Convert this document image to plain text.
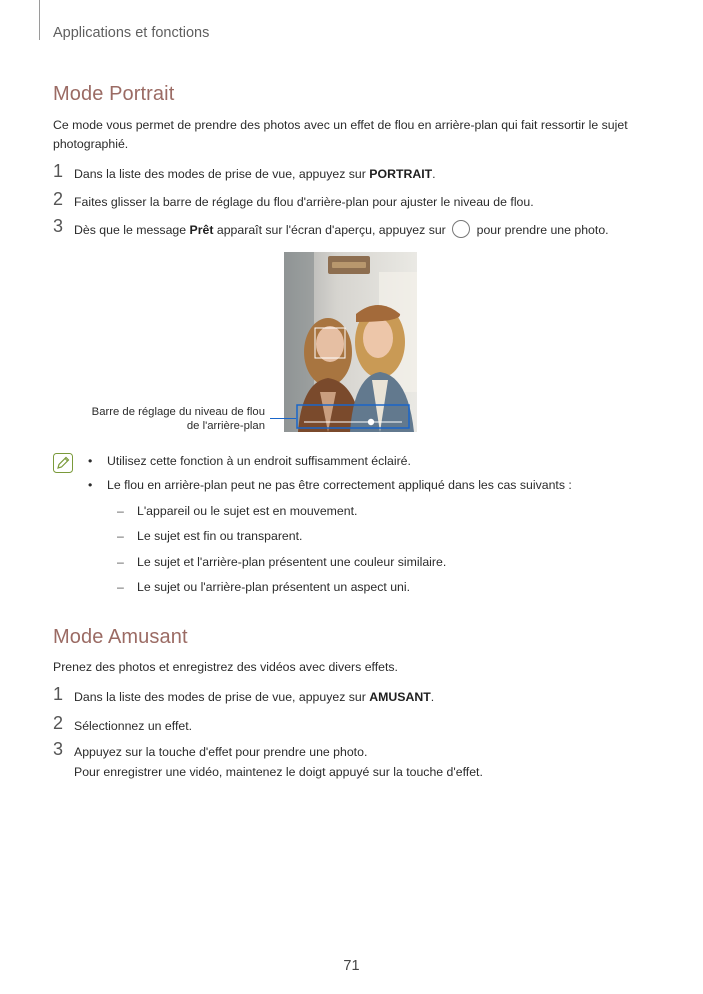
Applications et fonctions
Mode Portrait
Ce mode vous permet de prendre des photos avec un effet de flou en arrière-plan qui fait ressortir le sujet photographié.
1 Dans la liste des modes de prise de vue, appuyez sur PORTRAIT.
2 Faites glisser la barre de réglage du flou d'arrière-plan pour ajuster le niveau de flou.
3 Dès que le message Prêt apparaît sur l'écran d'aperçu, appuyez sur  pour prendre une photo.
Barre de réglage du niveau de flou
de l'arrière-plan
• Utilisez cette fonction à un endroit suffisamment éclairé.
• Le flou en arrière-plan peut ne pas être correctement appliqué dans les cas suivants :
– L'appareil ou le sujet est en mouvement.
– Le sujet est fin ou transparent.
– Le sujet et l'arrière-plan présentent une couleur similaire.
– Le sujet ou l'arrière-plan présentent un aspect uni.
Mode Amusant
Prenez des photos et enregistrez des vidéos avec divers effets.
1 Dans la liste des modes de prise de vue, appuyez sur AMUSANT.
2 Sélectionnez un effet.
3 Appuyez sur la touche d'effet pour prendre une photo.
Pour enregistrer une vidéo, maintenez le doigt appuyé sur la touche d'effet.
71
